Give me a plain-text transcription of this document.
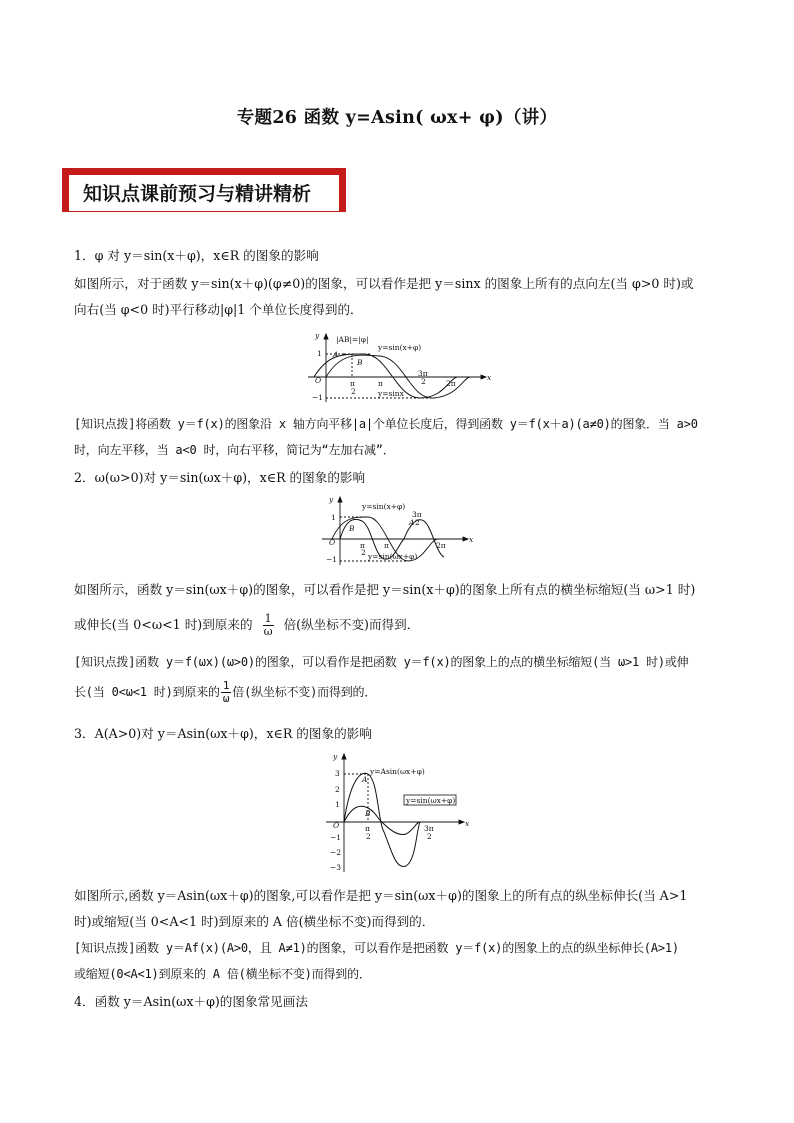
专题26 函数 y=Asin( ωx+ φ)（讲）
知识点课前预习与精讲精析
1．φ 对 y＝sin(x＋φ)，x∈R 的图象的影响
如图所示，对于函数 y＝sin(x＋φ)(φ≠0)的图象，可以看作是把 y＝sinx 的图象上所有的点向左(当 φ>0 时)或
向右(当 φ<0 时)平行移动|φ|1 个单位长度得到的．
y
x
O
1
−1
|AB|=|φ|
y=sin(x+φ)
y=sinx
A
B
π
2
π
3π
2	2π
[知识点拨]将函数 y＝f(x)的图象沿 x 轴方向平移|a|个单位长度后，得到函数 y＝f(x＋a)(a≠0)的图象．当 a>0
时，向左平移，当 a<0 时，向右平移，简记为“左加右减”．
2．ω(ω>0)对 y＝sin(ωx＋φ)，x∈R 的图象的影响
y
x
O
1
−1
y=sin(x+φ)
y=sin(ωx+φ)
A
B
π
2
π
3π
2
2π
如图所示，函数 y＝sin(ωx＋φ)的图象，可以看作是把 y＝sin(x＋φ)的图象上所有点的横坐标缩短(当 ω>1 时)
或伸长(当 0<ω<1 时)到原来的 $\frac{1}{\omega}$ 倍(纵坐标不变)而得到．
[知识点拨]函数 y＝f(ωx)(ω>0)的图象，可以看作是把函数 y＝f(x)的图象上的点的横坐标缩短(当 ω>1 时)或伸
长(当 0<ω<1 时)到原来的 $\frac{1}{\omega}$ 倍(纵坐标不变)而得到的．
3．A(A>0)对 y＝Asin(ωx＋φ)，x∈R 的图象的影响
y
x
O
3
2
1
−1
−2
−3
y=Asin(ωx+φ)
y=sin(ωx+φ)
A
B
π
2
3π
2
如图所示,函数 y＝Asin(ωx＋φ)的图象,可以看作是把 y＝sin(ωx＋φ)的图象上的所有点的纵坐标伸长(当 A>1
时)或缩短(当 0<A<1 时)到原来的 A 倍(横坐标不变)而得到的．
[知识点拨]函数 y＝Af(x)(A>0，且 A≠1)的图象，可以看作是把函数 y＝f(x)的图象上的点的纵坐标伸长(A>1)
或缩短(0<A<1)到原来的 A 倍(横坐标不变)而得到的．
4．函数 y＝Asin(ωx＋φ)的图象常见画法
